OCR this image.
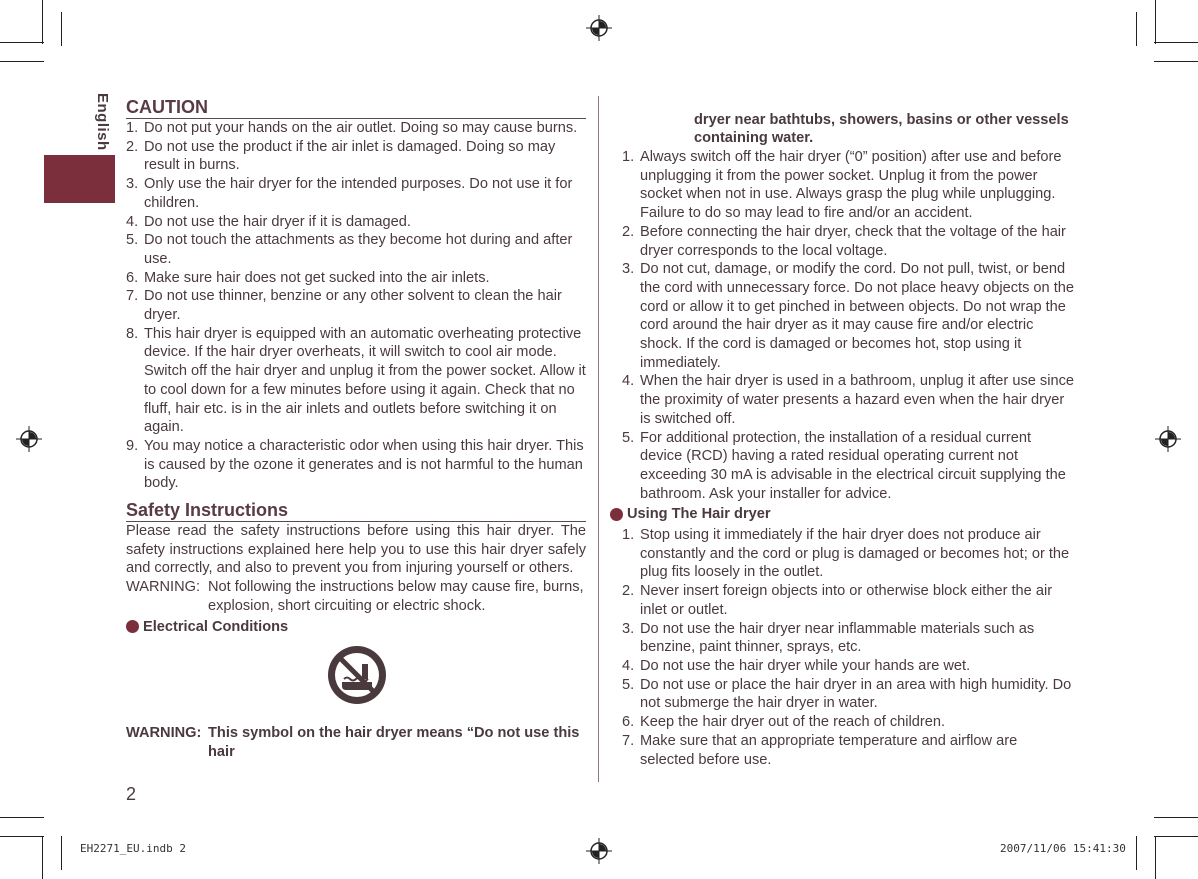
English CAUTION
1. Do not put your hands on the air outlet. Doing so may cause burns.
2. Do not use the product if the air inlet is damaged. Doing so may result in burns.
3. Only use the hair dryer for the intended purposes. Do not use it for children.
4. Do not use the hair dryer if it is damaged.
5. Do not touch the attachments as they become hot during and after use.
6. Make sure hair does not get sucked into the air inlets.
7. Do not use thinner, benzine or any other solvent to clean the hair dryer.
8. This hair dryer is equipped with an automatic overheating protective device. If the hair dryer overheats, it will switch to cool air mode. Switch off the hair dryer and unplug it from the power socket. Allow it to cool down for a few minutes before using it again. Check that no fluff, hair etc. is in the air inlets and outlets before switching it on again.
9. You may notice a characteristic odor when using this hair dryer. This is caused by the ozone it generates and is not harmful to the human body.
Safety Instructions

Please read the safety instructions before using this hair dryer. The safety instructions explained here help you to use this hair dryer safely and correctly, and also to prevent you from injuring yourself or others.

WARNING: Not following the instructions below may cause fire, burns, explosion, short circuiting or electric shock.
Electrical Conditions
WARNING: This symbol on the hair dryer means “Do not use this hair

dryer near bathtubs, showers, basins or other vessels containing water.

1. Always switch off the hair dryer (“0” position) after use and before unplugging it from the power socket. Unplug it from the power socket when not in use. Always grasp the plug while unplugging. Failure to do so may lead to fire and/or an accident.
2. Before connecting the hair dryer, check that the voltage of the hair dryer corresponds to the local voltage.
3. Do not cut, damage, or modify the cord. Do not pull, twist, or bend the cord with unnecessary force. Do not place heavy objects on the cord or allow it to get pinched in between objects. Do not wrap the cord around the hair dryer as it may cause fire and/or electric shock. If the cord is damaged or becomes hot, stop using it immediately.
4. When the hair dryer is used in a bathroom, unplug it after use since the proximity of water presents a hazard even when the hair dryer is switched off.
5. For additional protection, the installation of a residual current device (RCD) having a rated residual operating current not exceeding 30 mA is advisable in the electrical circuit supplying the bathroom. Ask your installer for advice.
Using The Hair dryer
1. Stop using it immediately if the hair dryer does not produce air constantly and the cord or plug is damaged or becomes hot; or the plug fits loosely in the outlet.
2. Never insert foreign objects into or otherwise block either the air inlet or outlet.
3. Do not use the hair dryer near inflammable materials such as benzine, paint thinner, sprays, etc.
4. Do not use the hair dryer while your hands are wet.
5. Do not use or place the hair dryer in an area with high humidity. Do not submerge the hair dryer in water.
6. Keep the hair dryer out of the reach of children.
7. Make sure that an appropriate temperature and airflow are selected before use.
2
EH2271_EU.indb 2	2007/11/06 15:41:30
